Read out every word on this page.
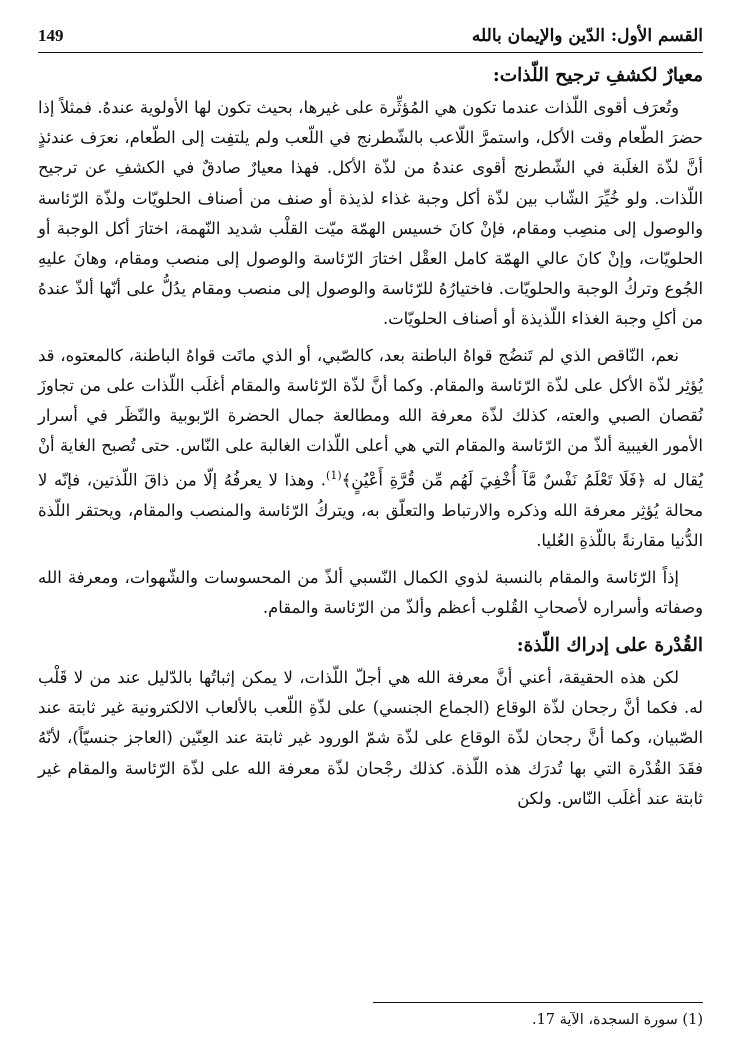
القسم الأول: الدّين والإيمان بالله
149
معيارٌ لكشفِ ترجيح اللّذات:

وتُعرَف أقوى اللّذات عندما تكون هي المُؤثِّرة على غيرها، بحيث تكون لها الأولوية عندهُ. فمثلاً إذا حضرَ الطّعام وقت الأكل، واستمرَّ اللّاعب بالشّطرنج في اللّعب ولم يلتفِت إلى الطّعام، نعرَف عندئذٍ أنَّ لذّة الغلَبة في الشّطرنج أقوى عندهُ من لذّة الأكل. فهذا معيارٌ صادقٌ في الكشفِ عن ترجيح اللّذات. ولو خُيِّرَ الشّاب بين لذّة أكل وجبة غذاء لذيذة أو صنف من أصناف الحلويّات ولذّة الرّئاسة والوصول إلى منصِب ومقام، فإنْ كانَ خسيس الهمّة ميّت القلْب شديد النّهمة، اختارَ أكل الوجبة أو الحلويّات، وإنْ كانَ عالي الهمّة كامل العقْل اختارَ الرّئاسة والوصول إلى منصب ومقام، وهانَ عليهِ الجُوع وتركُ الوجبة والحلويّات. فاختيارُهُ للرّئاسة والوصول إلى منصب ومقام يدُلُّ على أنّها ألذّ عندهُ من أكلِ وجبة الغذاء اللّذيذة أو أصناف الحلويّات.

نعم، النّاقص الذي لم تَنضُج قواهُ الباطنة بعد، كالصّبي، أو الذي ماتَت قواهُ الباطنة، كالمعتوه، قد يُؤثِر لذّة الأكل على لذّة الرّئاسة والمقام. وكما أنَّ لذّة الرّئاسة والمقام أغلَب اللّذات على من تجاوزَ نُقصان الصبي والعته، كذلك لذّة معرفة الله ومطالعة جمال الحضرة الرّبوبية والنّظَر في أسرار الأمور الغيبية ألذّ من الرّئاسة والمقام التي هي أعلى اللّذات الغالبة على النّاس. حتى تُصبح الغاية أنْ يُقال له ﴿فَلَا تَعْلَمُ نَفْسٌ مَّآ أُخْفِيَ لَهُم مِّن قُرَّةِ أَعْيُنٍ﴾$^{(1)}$. وهذا لا يعرفُهُ إلّا من ذاقَ اللّذتين، فإنّه لا محالة يُؤثِر معرفة الله وذكره والارتباط والتعلّق به، ويتركُ الرّئاسة والمنصب والمقام، ويحتقر اللّذة الدُّنيا مقارنةً باللّذةِ العُليا.

إذاً الرّئاسة والمقام بالنسبة لذوي الكمال النّسبي ألذّ من المحسوسات والشّهوات، ومعرفة الله وصفاته وأسراره لأصحابِ القُلوب أعظم وألذّ من الرّئاسة والمقام.

القُدْرة على إدراك اللّذة:

لكن هذه الحقيقة، أعني أنَّ معرفة الله هي أجلّ اللّذات، لا يمكن إثباتُها بالدّليل عند من لا قَلْب له. فكما أنَّ رجحان لذّة الوقاع (الجماع الجنسي) على لذّةِ اللّعب بالألعاب الالكترونية غير ثابتة عند الصّبيان، وكما أنَّ رجحان لذّة الوقاع على لذّة شمّ الورود غير ثابتة عند العِنّين (العاجز جنسيّاً)، لأنّهُ فقَدَ القُدْرة التي بها تُدرَك هذه اللّذة. كذلك رجْحان لذّة معرفة الله على لذّة الرّئاسة والمقام غير ثابتة عند أغلَب النّاس. ولكن

(1) سورة السجدة، الآية 17.
